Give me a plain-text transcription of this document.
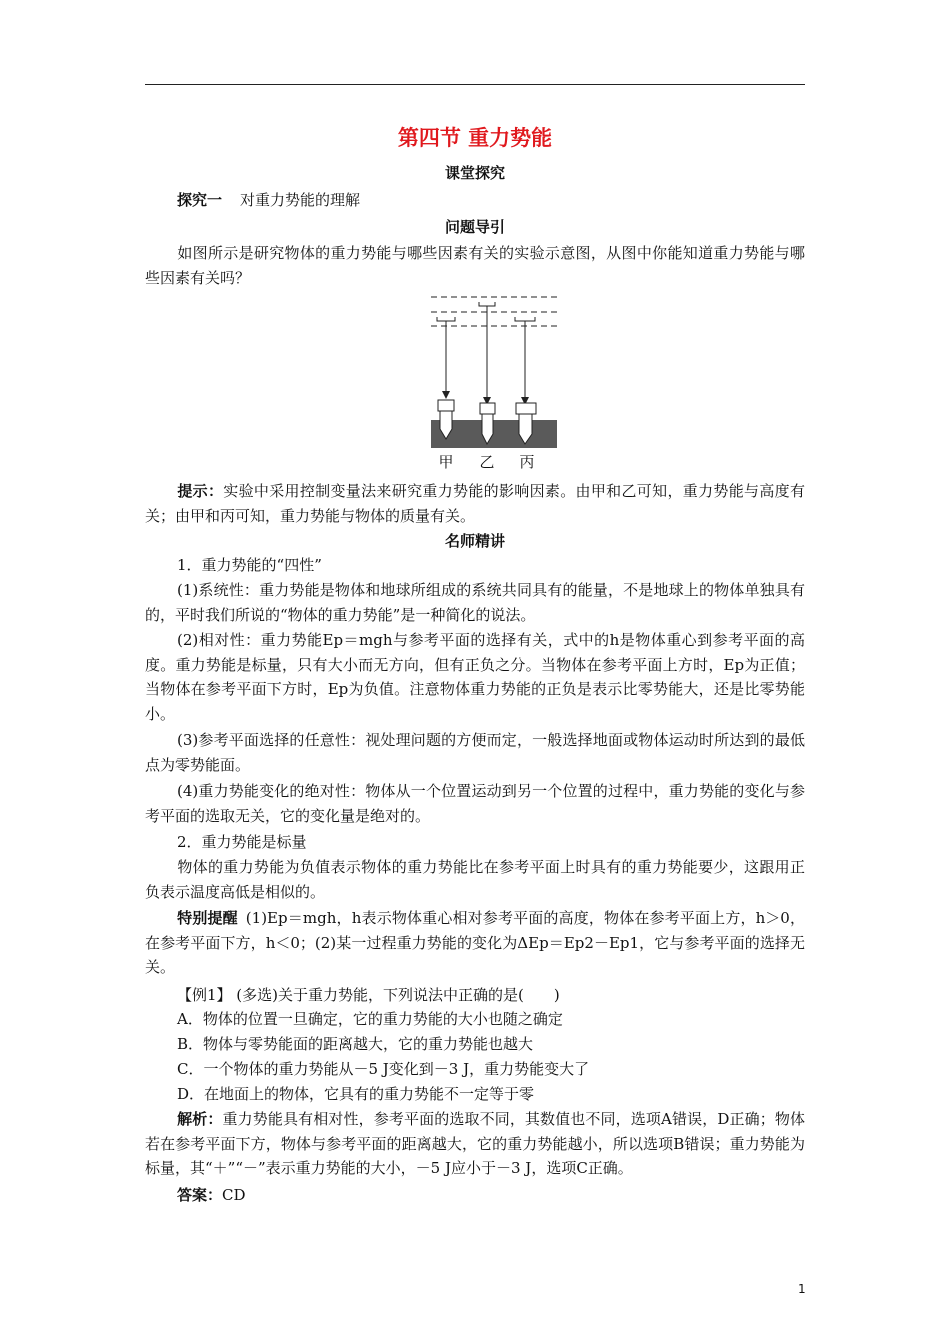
第四节 重力势能
课堂探究
探究一 对重力势能的理解
问题导引
如图所示是研究物体的重力势能与哪些因素有关的实验示意图，从图中你能知道重力势能与哪些因素有关吗？
甲 乙 丙
提示：实验中采用控制变量法来研究重力势能的影响因素。由甲和乙可知，重力势能与高度有关；由甲和丙可知，重力势能与物体的质量有关。
名师精讲
1．重力势能的“四性”
(1)系统性：重力势能是物体和地球所组成的系统共同具有的能量，不是地球上的物体单独具有的，平时我们所说的“物体的重力势能”是一种简化的说法。
(2)相对性：重力势能Ep＝mgh与参考平面的选择有关，式中的h是物体重心到参考平面的高度。重力势能是标量，只有大小而无方向，但有正负之分。当物体在参考平面上方时，Ep为正值；当物体在参考平面下方时，Ep为负值。注意物体重力势能的正负是表示比零势能大，还是比零势能小。
(3)参考平面选择的任意性：视处理问题的方便而定，一般选择地面或物体运动时所达到的最低点为零势能面。
(4)重力势能变化的绝对性：物体从一个位置运动到另一个位置的过程中，重力势能的变化与参考平面的选取无关，它的变化量是绝对的。
2．重力势能是标量
物体的重力势能为负值表示物体的重力势能比在参考平面上时具有的重力势能要少，这跟用正负表示温度高低是相似的。
特别提醒 (1)Ep＝mgh，h表示物体重心相对参考平面的高度，物体在参考平面上方，h＞0，在参考平面下方，h＜0；(2)某一过程重力势能的变化为ΔEp＝Ep2－Ep1，它与参考平面的选择无关。
【例1】 (多选)关于重力势能，下列说法中正确的是(　　)
A．物体的位置一旦确定，它的重力势能的大小也随之确定
B．物体与零势能面的距离越大，它的重力势能也越大
C．一个物体的重力势能从－5 J变化到－3 J，重力势能变大了
D．在地面上的物体，它具有的重力势能不一定等于零
解析：重力势能具有相对性，参考平面的选取不同，其数值也不同，选项A错误，D正确；物体若在参考平面下方，物体与参考平面的距离越大，它的重力势能越小，所以选项B错误；重力势能为标量，其“＋”“－”表示重力势能的大小，－5 J应小于－3 J，选项C正确。
答案：CD
1
